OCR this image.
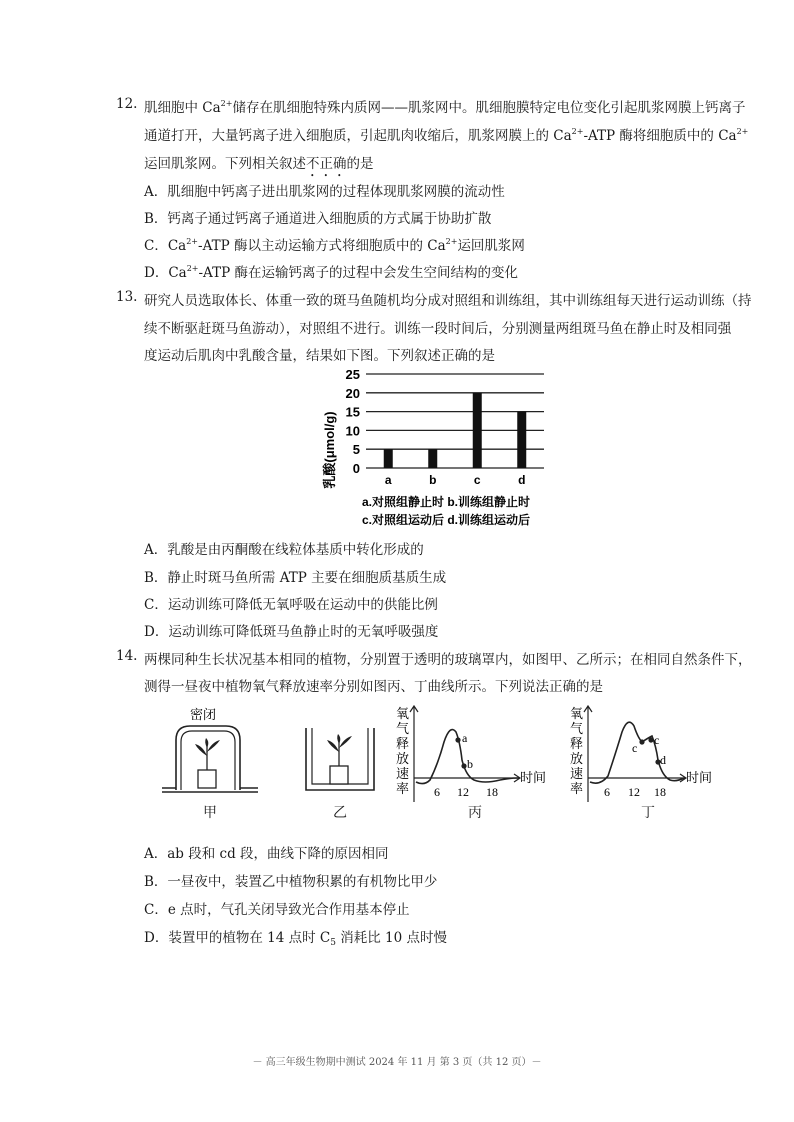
12. 肌细胞中 $Ca^{2+}$储存在肌细胞特殊内质网——肌浆网中。肌细胞膜特定电位变化引起肌浆网膜上钙离子
通道打开，大量钙离子进入细胞质，引起肌肉收缩后，肌浆网膜上的 $Ca^{2+}$-ATP 酶将细胞质中的 $Ca^{2+}$
运回肌浆网。下列相关叙述不正确的是
A．肌细胞中钙离子进出肌浆网的过程体现肌浆网膜的流动性
B．钙离子通过钙离子通道进入细胞质的方式属于协助扩散
C．$Ca^{2+}$-ATP 酶以主动运输方式将细胞质中的 $Ca^{2+}$运回肌浆网
D．$Ca^{2+}$-ATP 酶在运输钙离子的过程中会发生空间结构的变化
13. 研究人员选取体长、体重一致的斑马鱼随机均分成对照组和训练组，其中训练组每天进行运动训练（持
续不断驱赶斑马鱼游动），对照组不进行。训练一段时间后，分别测量两组斑马鱼在静止时及相同强
度运动后肌肉中乳酸含量，结果如下图。下列叙述正确的是
0
5
10
15
20
25
a	b	c	d
乳酸(μmol/g)
a.对照组静止时 b.训练组静止时
c.对照组运动后 d.训练组运动后
A．乳酸是由丙酮酸在线粒体基质中转化形成的
B．静止时斑马鱼所需 ATP 主要在细胞质基质生成
C．运动训练可降低无氧呼吸在运动中的供能比例
D．运动训练可降低斑马鱼静止时的无氧呼吸强度
14. 两棵同种生长状况基本相同的植物，分别置于透明的玻璃罩内，如图甲、乙所示；在相同自然条件下，
测得一昼夜中植物氧气释放速率分别如图丙、丁曲线所示。下列说法正确的是
密闭
甲	乙
氧
气
释
放
速
率
a
b
6 12 18
时间
丙
氧
气
释
放
速
率
c
c
d
6 12 18
时间
丁
A．ab 段和 cd 段，曲线下降的原因相同
B．一昼夜中，装置乙中植物积累的有机物比甲少
C．e 点时，气孔关闭导致光合作用基本停止
D．装置甲的植物在 14 点时 $C_5$ 消耗比 10 点时慢
－ 高三年级生物期中测试 2024 年 11 月 第 3 页（共 12 页）－
